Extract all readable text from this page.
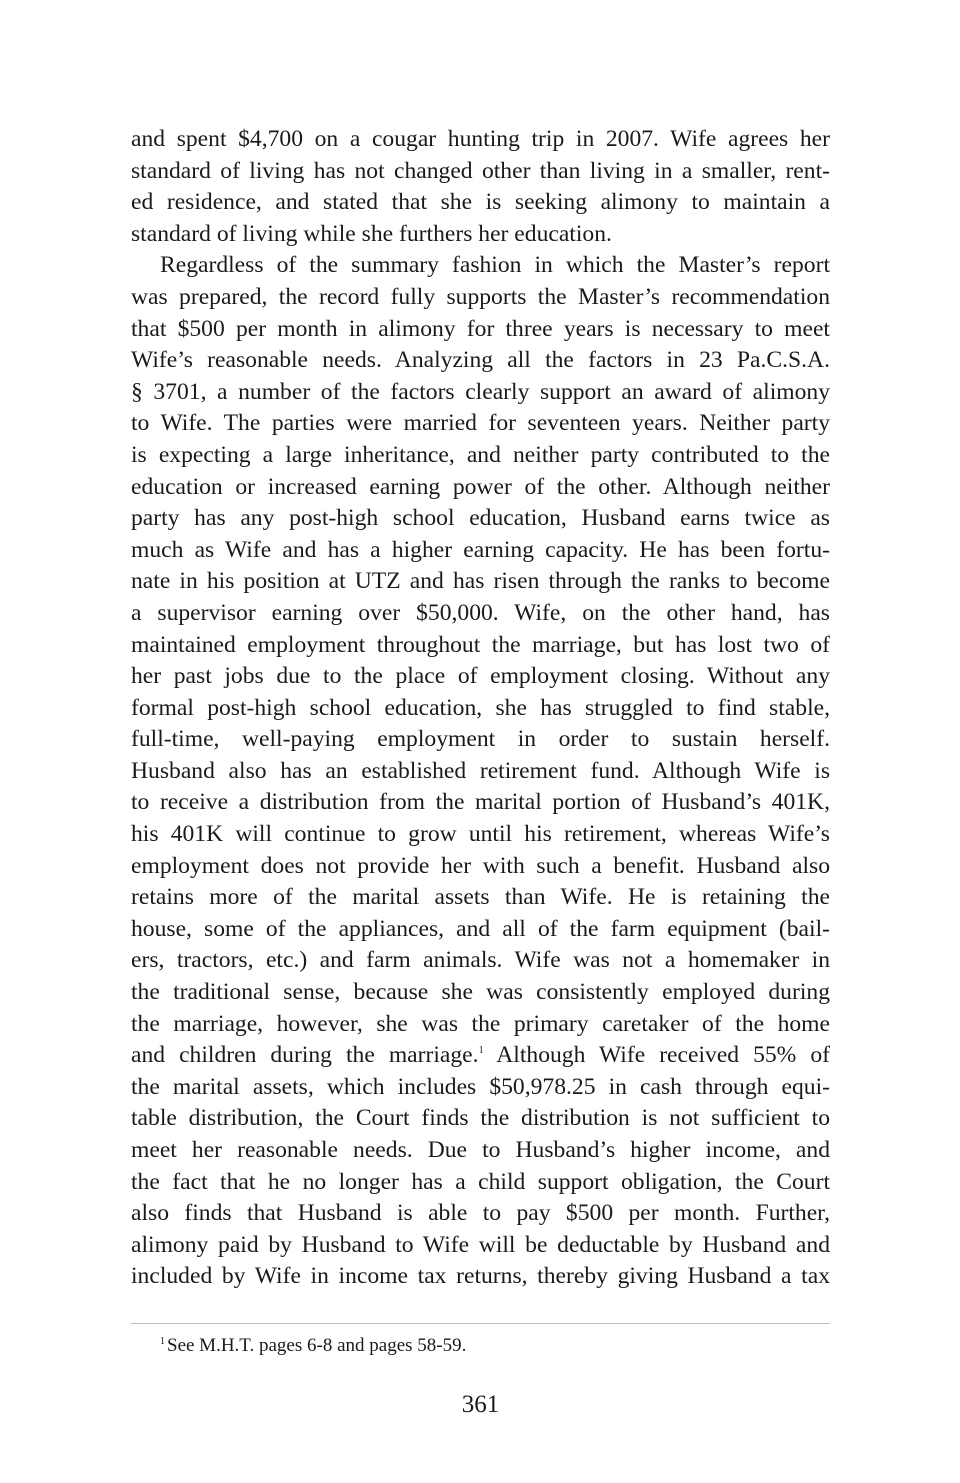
and spent $4,700 on a cougar hunting trip in 2007. Wife agrees her
standard of living has not changed other than living in a smaller, rent-
ed residence, and stated that she is seeking alimony to maintain a
standard of living while she furthers her education.
Regardless of the summary fashion in which the Master’s report
was prepared, the record fully supports the Master’s recommendation
that $500 per month in alimony for three years is necessary to meet
Wife’s reasonable needs. Analyzing all the factors in 23 Pa.C.S.A.
§ 3701, a number of the factors clearly support an award of alimony
to Wife. The parties were married for seventeen years. Neither party
is expecting a large inheritance, and neither party contributed to the
education or increased earning power of the other. Although neither
party has any post-high school education, Husband earns twice as
much as Wife and has a higher earning capacity. He has been fortu-
nate in his position at UTZ and has risen through the ranks to become
a supervisor earning over $50,000. Wife, on the other hand, has
maintained employment throughout the marriage, but has lost two of
her past jobs due to the place of employment closing. Without any
formal post-high school education, she has struggled to find stable,
full-time, well-paying employment in order to sustain herself.
Husband also has an established retirement fund. Although Wife is
to receive a distribution from the marital portion of Husband’s 401K,
his 401K will continue to grow until his retirement, whereas Wife’s
employment does not provide her with such a benefit. Husband also
retains more of the marital assets than Wife. He is retaining the
house, some of the appliances, and all of the farm equipment (bail-
ers, tractors, etc.) and farm animals. Wife was not a homemaker in
the traditional sense, because she was consistently employed during
the marriage, however, she was the primary caretaker of the home
and children during the marriage.$^1$ Although Wife received 55% of
the marital assets, which includes $50,978.25 in cash through equi-
table distribution, the Court finds the distribution is not sufficient to
meet her reasonable needs. Due to Husband’s higher income, and
the fact that he no longer has a child support obligation, the Court
also finds that Husband is able to pay $500 per month. Further,
alimony paid by Husband to Wife will be deductable by Husband and
included by Wife in income tax returns, thereby giving Husband a tax
$^1$ See M.H.T. pages 6-8 and pages 58-59.
361
